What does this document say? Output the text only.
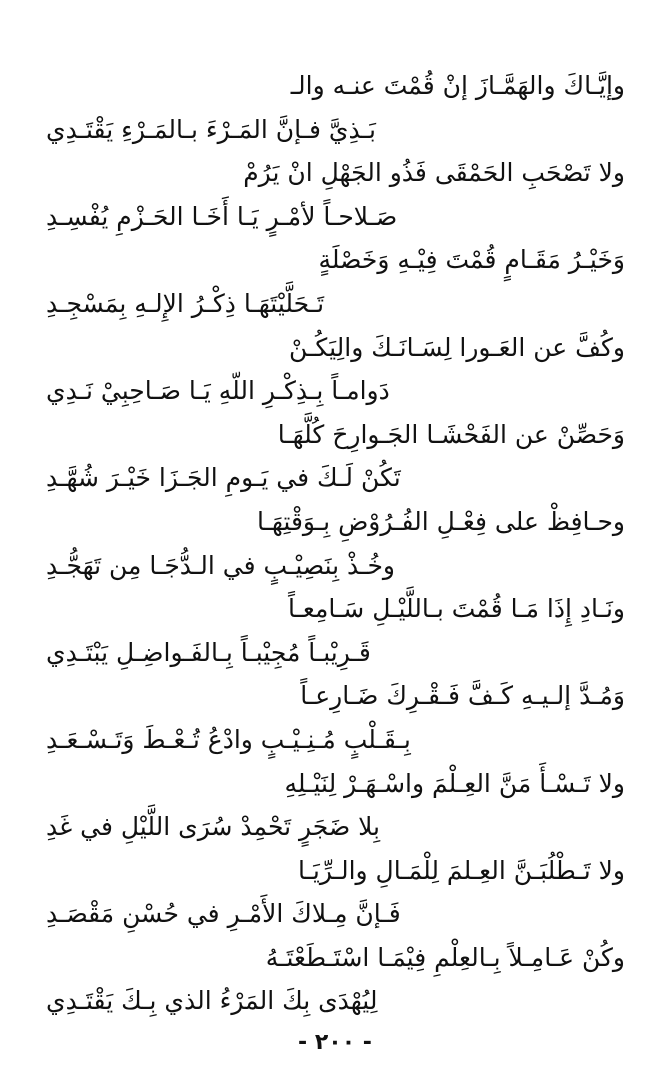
وإيَّـاكَ والهَمَّـازَ إنْ قُمْتَ عنـه والـ
بَـذِيَّ فـإنَّ المَـرْءَ بـالمَـرْءِ يَقْتَـدِي
ولا تَصْحَبِ الحَمْقَى فَذُو الجَهْلِ انْ يَرُمْ
صَـلاحـاً لأمْـرٍ يَـا أَخَـا الحَـزْمِ يُفْسِـدِ
وَخَيْـرُ مَقَـامٍ قُمْتَ فِيْـهِ وَخَصْلَةٍ
تَـحَلَّيْتَهَـا ذِكْـرُ الإِلـهِ بِمَسْجِـدِ
وكُفَّ عن العَـورا لِسَـانَـكَ والِيَكُـنْ
دَوامـاً بِـذِكْـرِ اللّهِ يَـا صَـاحِبِيْ نَـدِي
وَحَصِّنْ عن الفَحْشَـا الجَـوارِحَ كُلَّهَـا
تَكُنْ لَـكَ في يَـومِ الجَـزَا خَيْـرَ شُهَّـدِ
وحـافِظْ على فِعْـلِ الفُـرُوْضِ بِـوَقْتِهَـا
وخُـذْ بِنَصِيْـبٍ في الـدُّجَـا مِن تَهَجُّـدِ
ونَـادِ إِذَا مَـا قُمْتَ بـاللَّيْـلِ سَـامِعـاً
قَـرِيْبـاً مُجِيْبـاً بِـالفَـواضِـلِ يَبْتَـدِي
وَمُـدَّ إلـيـهِ كَـفَّ فَـقْـرِكَ ضَـارِعـاً
بِـقَـلْبٍ مُـنِـيْـبٍ وادْعُ تُـعْـطَ وَتَـسْـعَـدِ
ولا تَـسْـأَ مَنَّ العِـلْمَ واسْـهَـرْ لِنَيْـلِهِ
بِلا ضَجَرٍ تَحْمِدْ سُرَى اللَّيْلِ في غَدِ
ولا تَـطْلُبَـنَّ العِـلمَ لِلْمَـالِ والـرِّيَـا
فَـإنَّ مِـلاكَ الأَمْـرِ في حُسْنِ مَقْصَـدِ
وكُنْ عَـامِـلاً بِـالعِلْمِ فِيْمَـا اسْتَـطَعْتَـهُ
لِيُهْدَى بِكَ المَرْءُ الذي بِـكَ يَقْتَـدِي
- ٢٠٠ -
